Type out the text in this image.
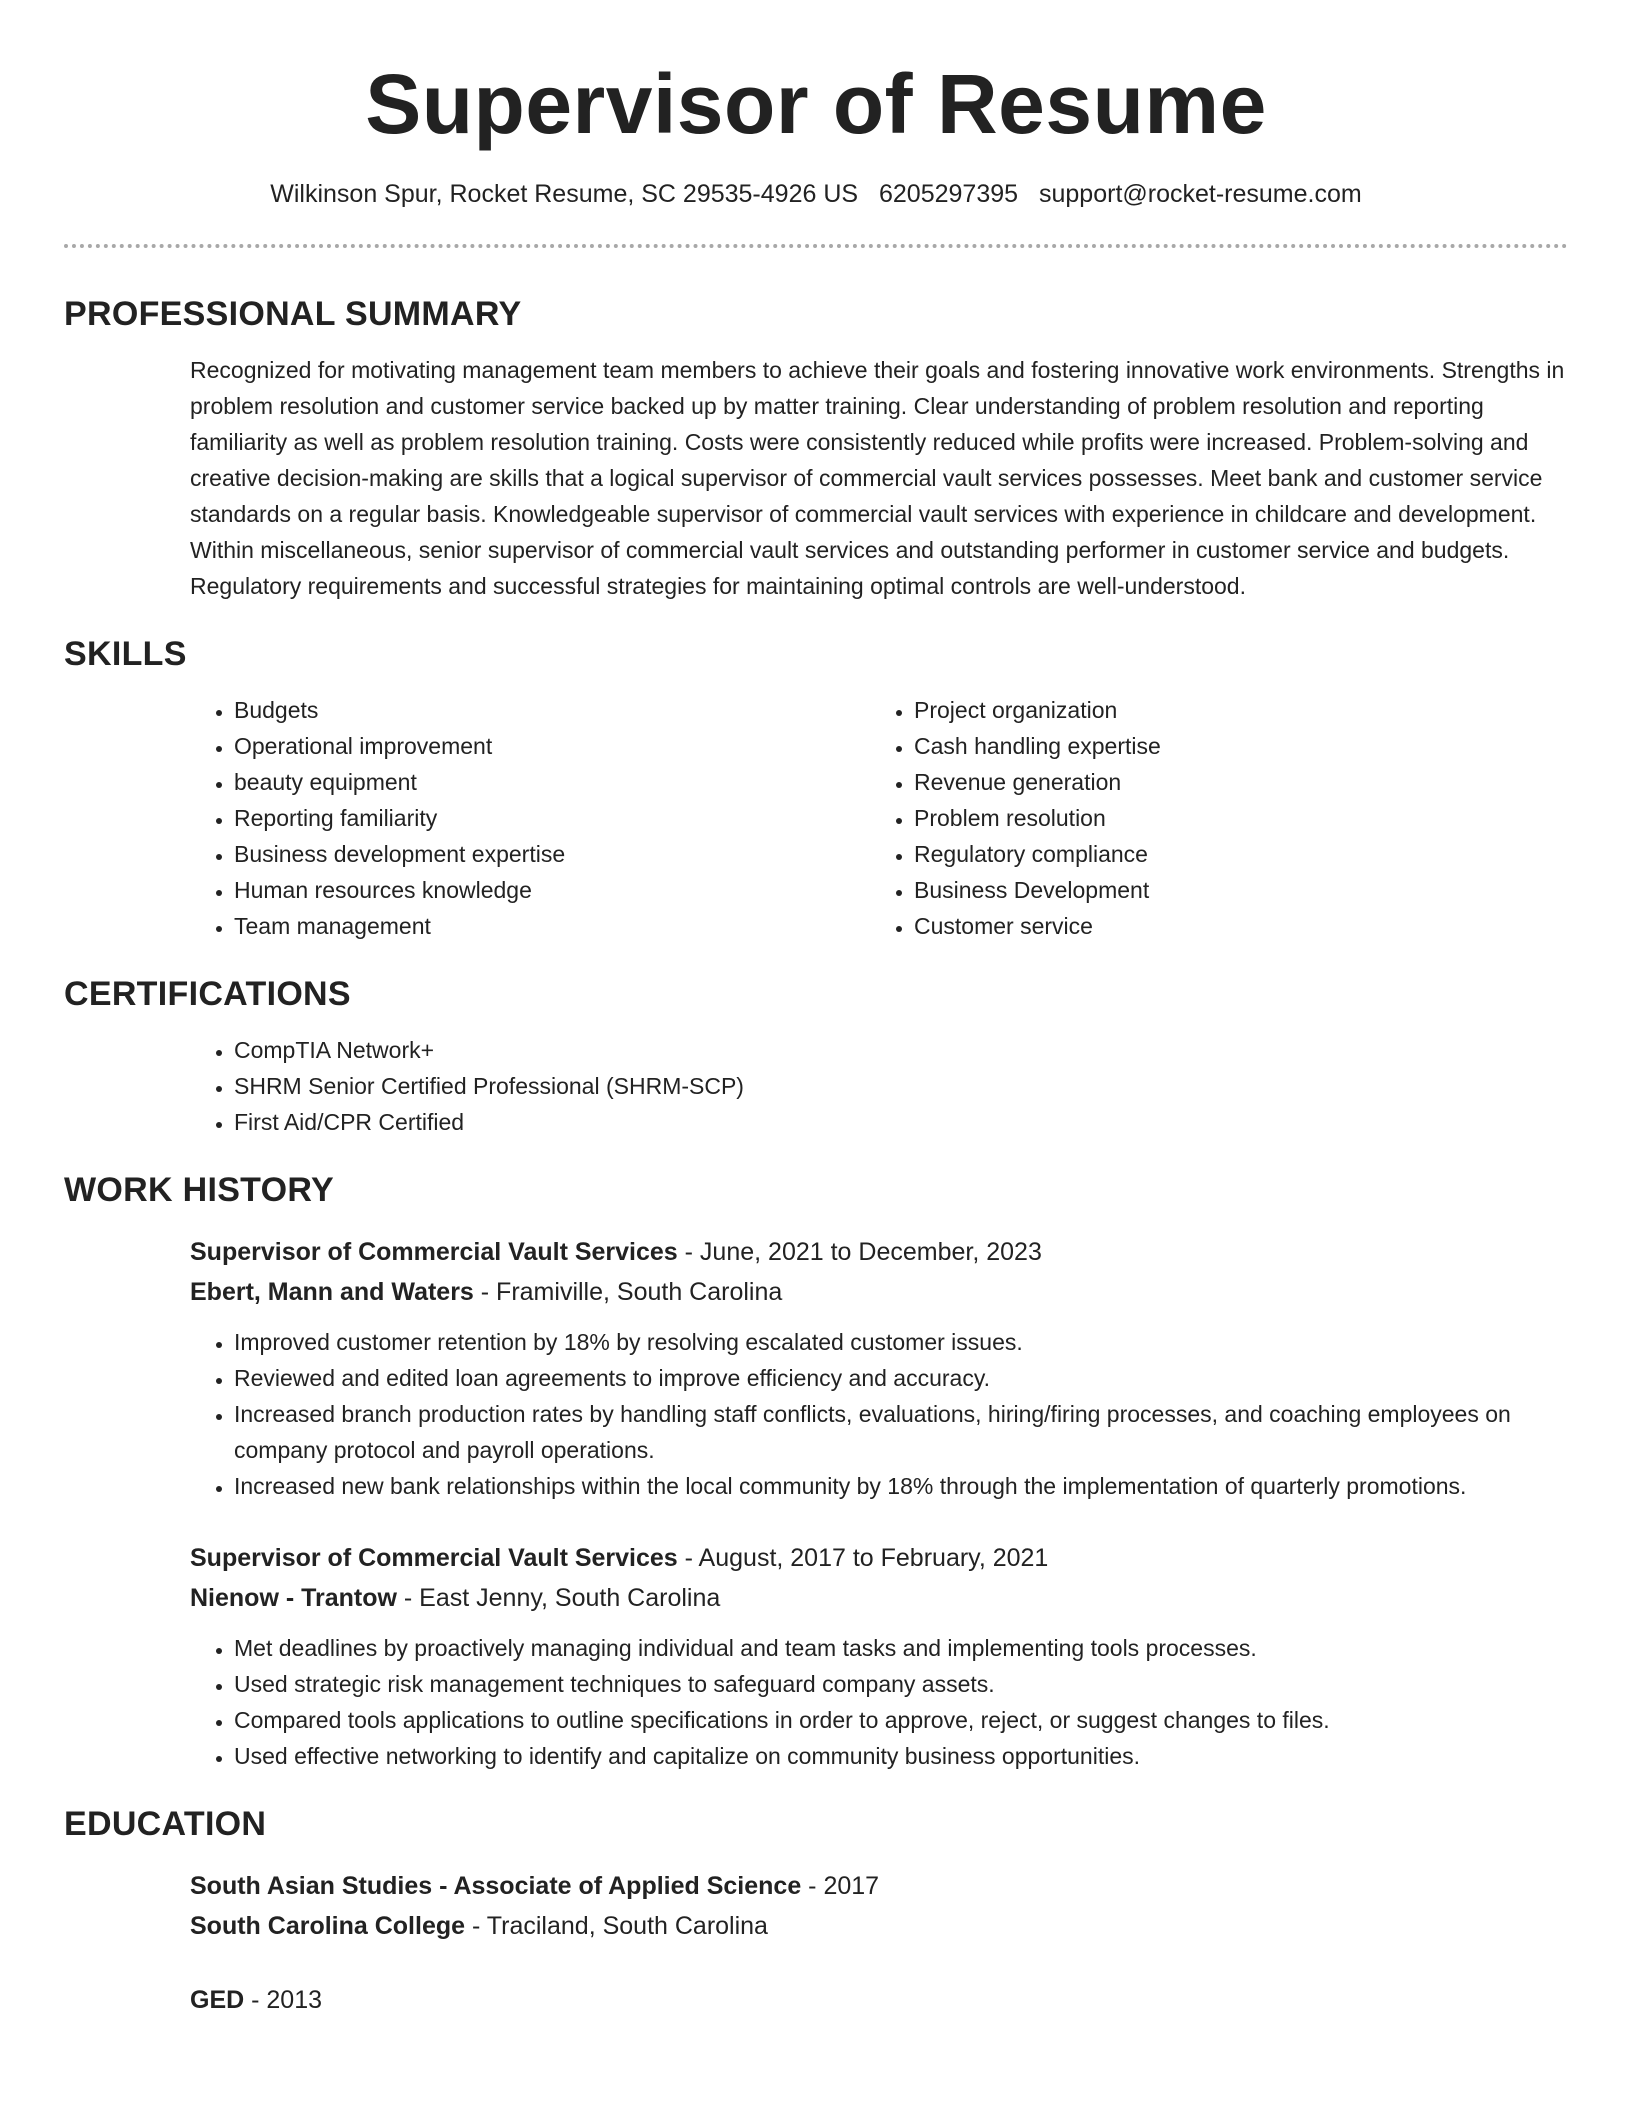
Supervisor of Resume
Wilkinson Spur, Rocket Resume, SC 29535-4926 US 6205297395 support@rocket-resume.com
PROFESSIONAL SUMMARY

Recognized for motivating management team members to achieve their goals and fostering innovative work environments. Strengths in problem resolution and customer service backed up by matter training. Clear understanding of problem resolution and reporting familiarity as well as problem resolution training. Costs were consistently reduced while profits were increased. Problem-solving and creative decision-making are skills that a logical supervisor of commercial vault services possesses. Meet bank and customer service standards on a regular basis. Knowledgeable supervisor of commercial vault services with experience in childcare and development. Within miscellaneous, senior supervisor of commercial vault services and outstanding performer in customer service and budgets. Regulatory requirements and successful strategies for maintaining optimal controls are well-understood.

SKILLS
• Budgets
• Operational improvement
• beauty equipment
• Reporting familiarity
• Business development expertise
• Human resources knowledge
• Team management
• Project organization
• Cash handling expertise
• Revenue generation
• Problem resolution
• Regulatory compliance
• Business Development
• Customer service
CERTIFICATIONS
• CompTIA Network+
• SHRM Senior Certified Professional (SHRM-SCP)
• First Aid/CPR Certified
WORK HISTORY
Supervisor of Commercial Vault Services - June, 2021 to December, 2023
Ebert, Mann and Waters - Framiville, South Carolina
• Improved customer retention by 18% by resolving escalated customer issues.
• Reviewed and edited loan agreements to improve efficiency and accuracy.
• Increased branch production rates by handling staff conflicts, evaluations, hiring/firing processes, and coaching employees on company protocol and payroll operations.
• Increased new bank relationships within the local community by 18% through the implementation of quarterly promotions.
Supervisor of Commercial Vault Services - August, 2017 to February, 2021
Nienow - Trantow - East Jenny, South Carolina
• Met deadlines by proactively managing individual and team tasks and implementing tools processes.
• Used strategic risk management techniques to safeguard company assets.
• Compared tools applications to outline specifications in order to approve, reject, or suggest changes to files.
• Used effective networking to identify and capitalize on community business opportunities.
EDUCATION
South Asian Studies - Associate of Applied Science - 2017
South Carolina College - Traciland, South Carolina
GED - 2013
